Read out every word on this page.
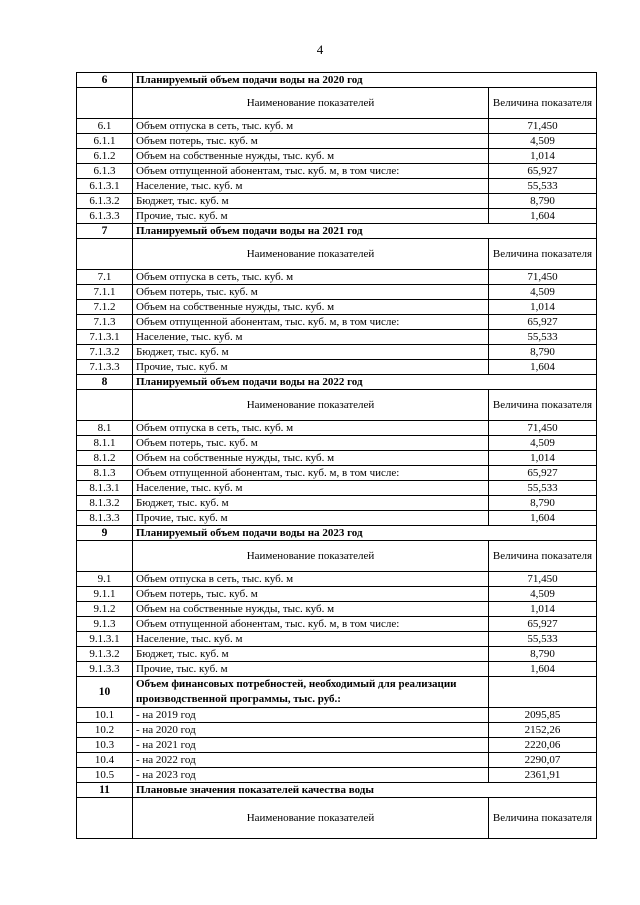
4
6	Планируемый объем подачи воды на 2020 год	
	Наименование показателей	Величина показателя
6.1	Объем отпуска в сеть, тыс. куб. м	71,450
6.1.1	Объем потерь, тыс. куб. м	4,509
6.1.2	Объем на собственные нужды, тыс. куб. м	1,014
6.1.3	Объем отпущенной абонентам, тыс. куб. м, в том числе:	65,927
6.1.3.1	Население, тыс. куб. м	55,533
6.1.3.2	Бюджет, тыс. куб. м	8,790
6.1.3.3	Прочие, тыс. куб. м	1,604
7	Планируемый объем подачи воды на 2021 год	
	Наименование показателей	Величина показателя
7.1	Объем отпуска в сеть, тыс. куб. м	71,450
7.1.1	Объем потерь, тыс. куб. м	4,509
7.1.2	Объем на собственные нужды, тыс. куб. м	1,014
7.1.3	Объем отпущенной абонентам, тыс. куб. м, в том числе:	65,927
7.1.3.1	Население, тыс. куб. м	55,533
7.1.3.2	Бюджет, тыс. куб. м	8,790
7.1.3.3	Прочие, тыс. куб. м	1,604
8	Планируемый объем подачи воды на 2022 год	
	Наименование показателей	Величина показателя
8.1	Объем отпуска в сеть, тыс. куб. м	71,450
8.1.1	Объем потерь, тыс. куб. м	4,509
8.1.2	Объем на собственные нужды, тыс. куб. м	1,014
8.1.3	Объем отпущенной абонентам, тыс. куб. м, в том числе:	65,927
8.1.3.1	Население, тыс. куб. м	55,533
8.1.3.2	Бюджет, тыс. куб. м	8,790
8.1.3.3	Прочие, тыс. куб. м	1,604
9	Планируемый объем подачи воды на 2023 год	
	Наименование показателей	Величина показателя
9.1	Объем отпуска в сеть, тыс. куб. м	71,450
9.1.1	Объем потерь, тыс. куб. м	4,509
9.1.2	Объем на собственные нужды, тыс. куб. м	1,014
9.1.3	Объем отпущенной абонентам, тыс. куб. м, в том числе:	65,927
9.1.3.1	Население, тыс. куб. м	55,533
9.1.3.2	Бюджет, тыс. куб. м	8,790
9.1.3.3	Прочие, тыс. куб. м	1,604
10	Объем финансовых потребностей, необходимый для реализации производственной программы, тыс. руб.:	
10.1	- на 2019 год	2095,85
10.2	- на 2020 год	2152,26
10.3	- на 2021 год	2220,06
10.4	- на 2022 год	2290,07
10.5	- на 2023 год	2361,91
11	Плановые значения показателей качества воды	
	Наименование показателей	Величина показателя
